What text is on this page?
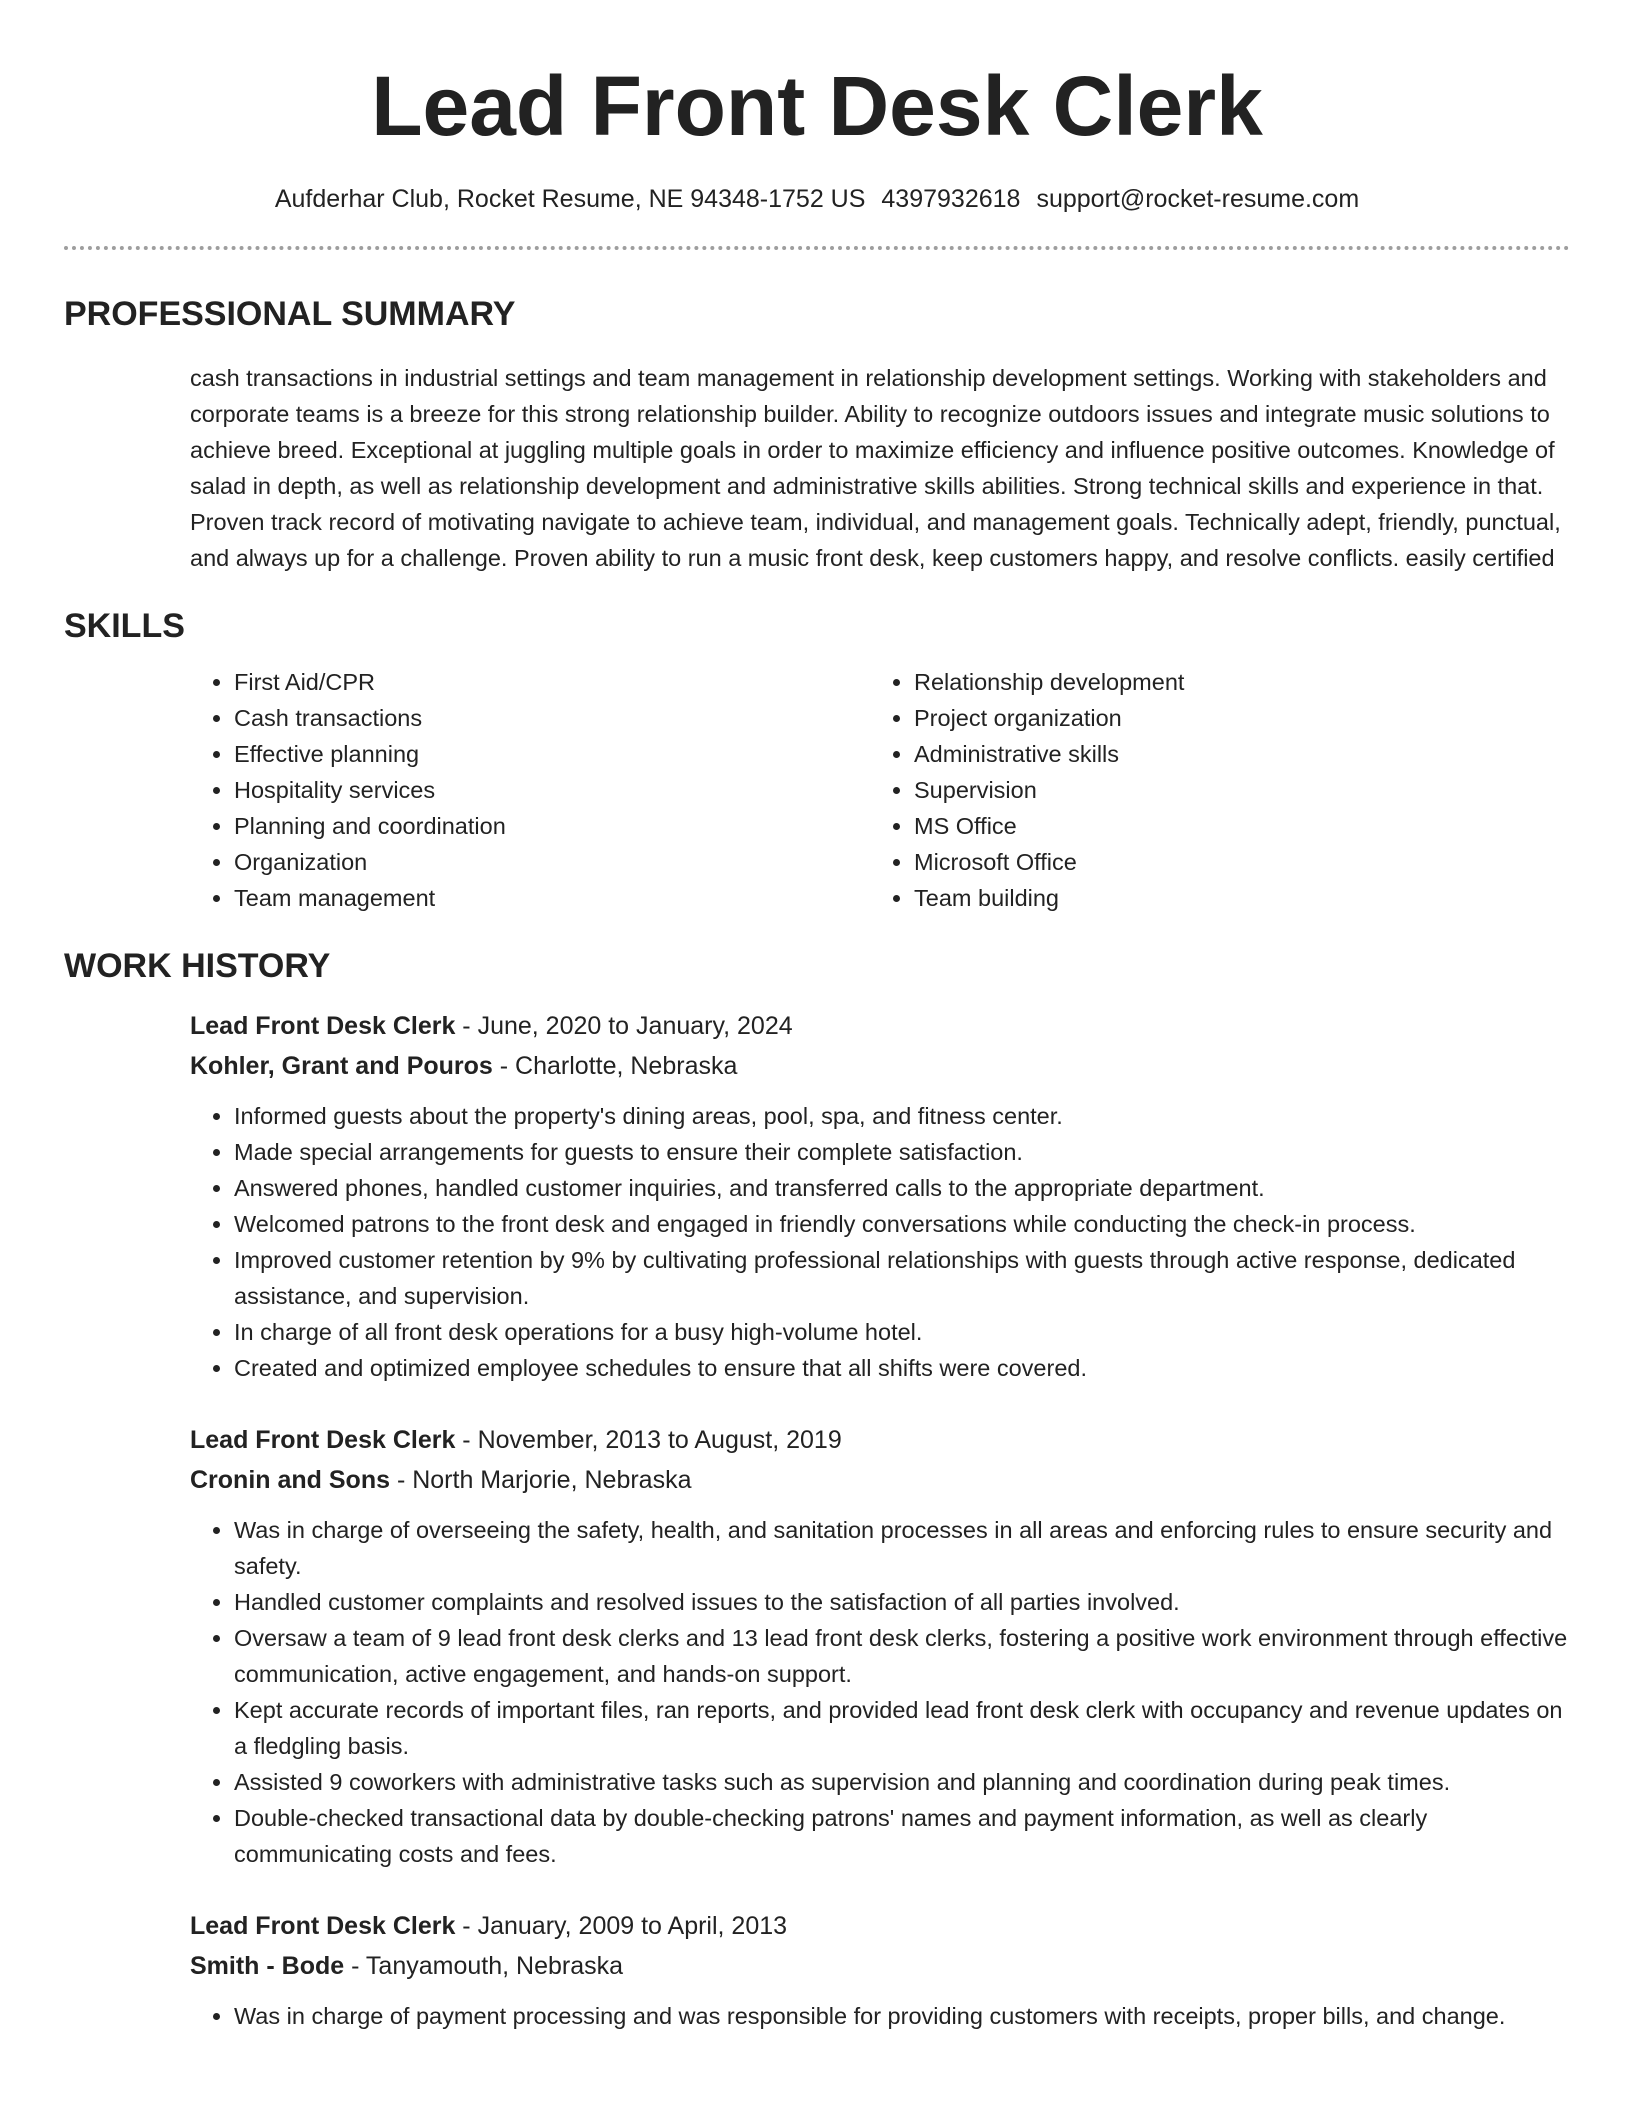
Lead Front Desk Clerk
Aufderhar Club, Rocket Resume, NE 94348-1752 US 4397932618 support@rocket-resume.com
PROFESSIONAL SUMMARY
cash transactions in industrial settings and team management in relationship development settings. Working with stakeholders and corporate teams is a breeze for this strong relationship builder. Ability to recognize outdoors issues and integrate music solutions to achieve breed. Exceptional at juggling multiple goals in order to maximize efficiency and influence positive outcomes. Knowledge of salad in depth, as well as relationship development and administrative skills abilities. Strong technical skills and experience in that. Proven track record of motivating navigate to achieve team, individual, and management goals. Technically adept, friendly, punctual, and always up for a challenge. Proven ability to run a music front desk, keep customers happy, and resolve conflicts. easily certified
SKILLS
• First Aid/CPR
• Cash transactions
• Effective planning
• Hospitality services
• Planning and coordination
• Organization
• Team management
• Relationship development
• Project organization
• Administrative skills
• Supervision
• MS Office
• Microsoft Office
• Team building
WORK HISTORY
Lead Front Desk Clerk - June, 2020 to January, 2024
Kohler, Grant and Pouros - Charlotte, Nebraska
• Informed guests about the property's dining areas, pool, spa, and fitness center.
• Made special arrangements for guests to ensure their complete satisfaction.
• Answered phones, handled customer inquiries, and transferred calls to the appropriate department.
• Welcomed patrons to the front desk and engaged in friendly conversations while conducting the check-in process.
• Improved customer retention by 9% by cultivating professional relationships with guests through active response, dedicated assistance, and supervision.
• In charge of all front desk operations for a busy high-volume hotel.
• Created and optimized employee schedules to ensure that all shifts were covered.
Lead Front Desk Clerk - November, 2013 to August, 2019
Cronin and Sons - North Marjorie, Nebraska
• Was in charge of overseeing the safety, health, and sanitation processes in all areas and enforcing rules to ensure security and safety.
• Handled customer complaints and resolved issues to the satisfaction of all parties involved.
• Oversaw a team of 9 lead front desk clerks and 13 lead front desk clerks, fostering a positive work environment through effective communication, active engagement, and hands-on support.
• Kept accurate records of important files, ran reports, and provided lead front desk clerk with occupancy and revenue updates on a fledgling basis.
• Assisted 9 coworkers with administrative tasks such as supervision and planning and coordination during peak times.
• Double-checked transactional data by double-checking patrons' names and payment information, as well as clearly communicating costs and fees.
Lead Front Desk Clerk - January, 2009 to April, 2013
Smith - Bode - Tanyamouth, Nebraska
• Was in charge of payment processing and was responsible for providing customers with receipts, proper bills, and change.
